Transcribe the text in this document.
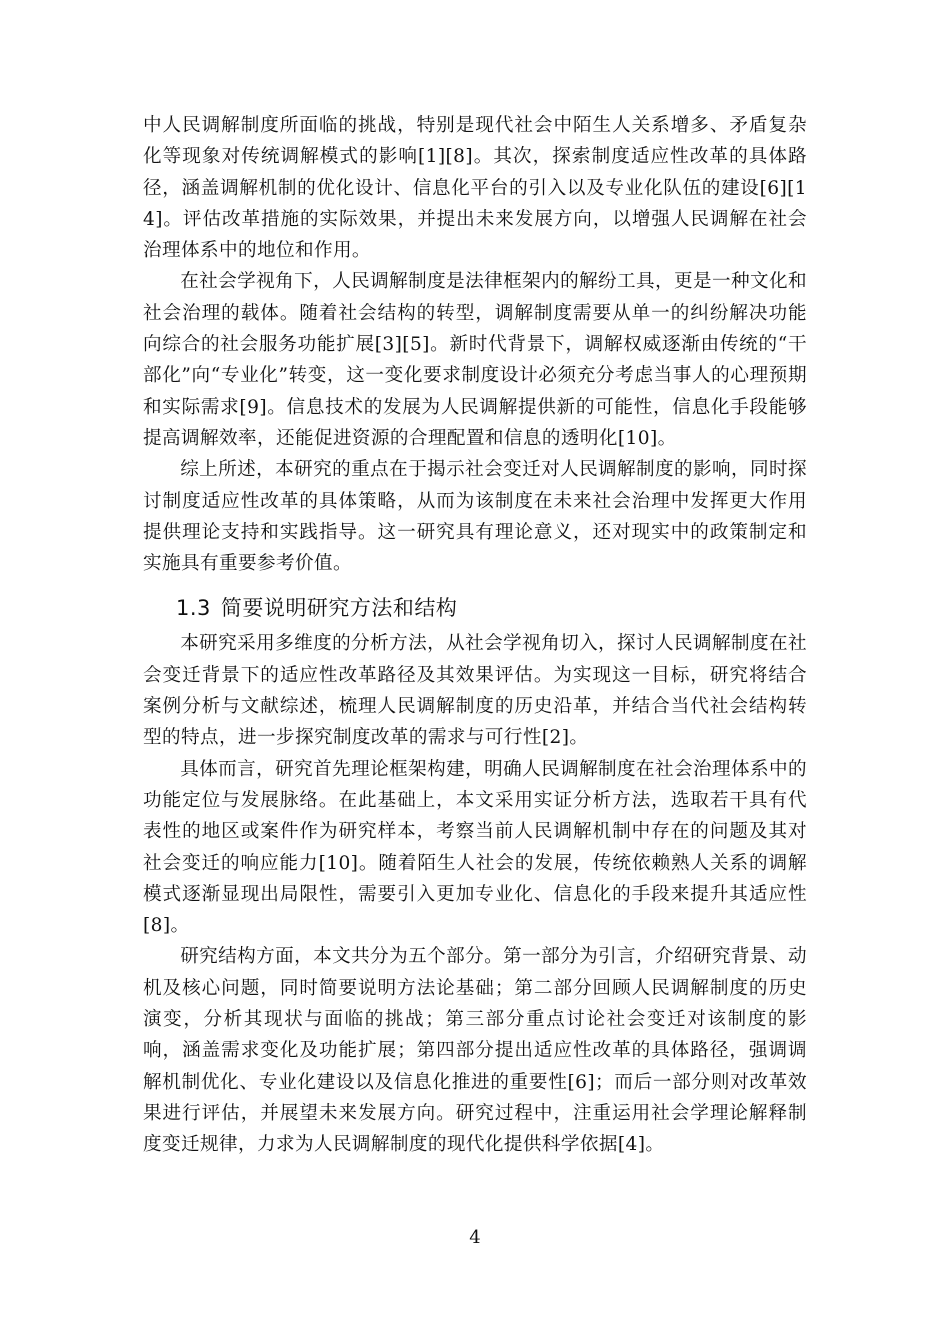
中人民调解制度所面临的挑战，特别是现代社会中陌生人关系增多、矛盾复杂化等现象对传统调解模式的影响[1][8]。其次，探索制度适应性改革的具体路径，涵盖调解机制的优化设计、信息化平台的引入以及专业化队伍的建设[6][14]。评估改革措施的实际效果，并提出未来发展方向，以增强人民调解在社会治理体系中的地位和作用。

在社会学视角下，人民调解制度是法律框架内的解纷工具，更是一种文化和社会治理的载体。随着社会结构的转型，调解制度需要从单一的纠纷解决功能向综合的社会服务功能扩展[3][5]。新时代背景下，调解权威逐渐由传统的“干部化”向“专业化”转变，这一变化要求制度设计必须充分考虑当事人的心理预期和实际需求[9]。信息技术的发展为人民调解提供新的可能性，信息化手段能够提高调解效率，还能促进资源的合理配置和信息的透明化[10]。

综上所述，本研究的重点在于揭示社会变迁对人民调解制度的影响，同时探讨制度适应性改革的具体策略，从而为该制度在未来社会治理中发挥更大作用提供理论支持和实践指导。这一研究具有理论意义，还对现实中的政策制定和实施具有重要参考价值。

1.3 简要说明研究方法和结构

本研究采用多维度的分析方法，从社会学视角切入，探讨人民调解制度在社会变迁背景下的适应性改革路径及其效果评估。为实现这一目标，研究将结合案例分析与文献综述，梳理人民调解制度的历史沿革，并结合当代社会结构转型的特点，进一步探究制度改革的需求与可行性[2]。

具体而言，研究首先理论框架构建，明确人民调解制度在社会治理体系中的功能定位与发展脉络。在此基础上，本文采用实证分析方法，选取若干具有代表性的地区或案件作为研究样本，考察当前人民调解机制中存在的问题及其对社会变迁的响应能力[10]。随着陌生人社会的发展，传统依赖熟人关系的调解模式逐渐显现出局限性，需要引入更加专业化、信息化的手段来提升其适应性[8]。

研究结构方面，本文共分为五个部分。第一部分为引言，介绍研究背景、动机及核心问题，同时简要说明方法论基础；第二部分回顾人民调解制度的历史演变，分析其现状与面临的挑战；第三部分重点讨论社会变迁对该制度的影响，涵盖需求变化及功能扩展；第四部分提出适应性改革的具体路径，强调调解机制优化、专业化建设以及信息化推进的重要性[6]；而后一部分则对改革效果进行评估，并展望未来发展方向。研究过程中，注重运用社会学理论解释制度变迁规律，力求为人民调解制度的现代化提供科学依据[4]。

4
